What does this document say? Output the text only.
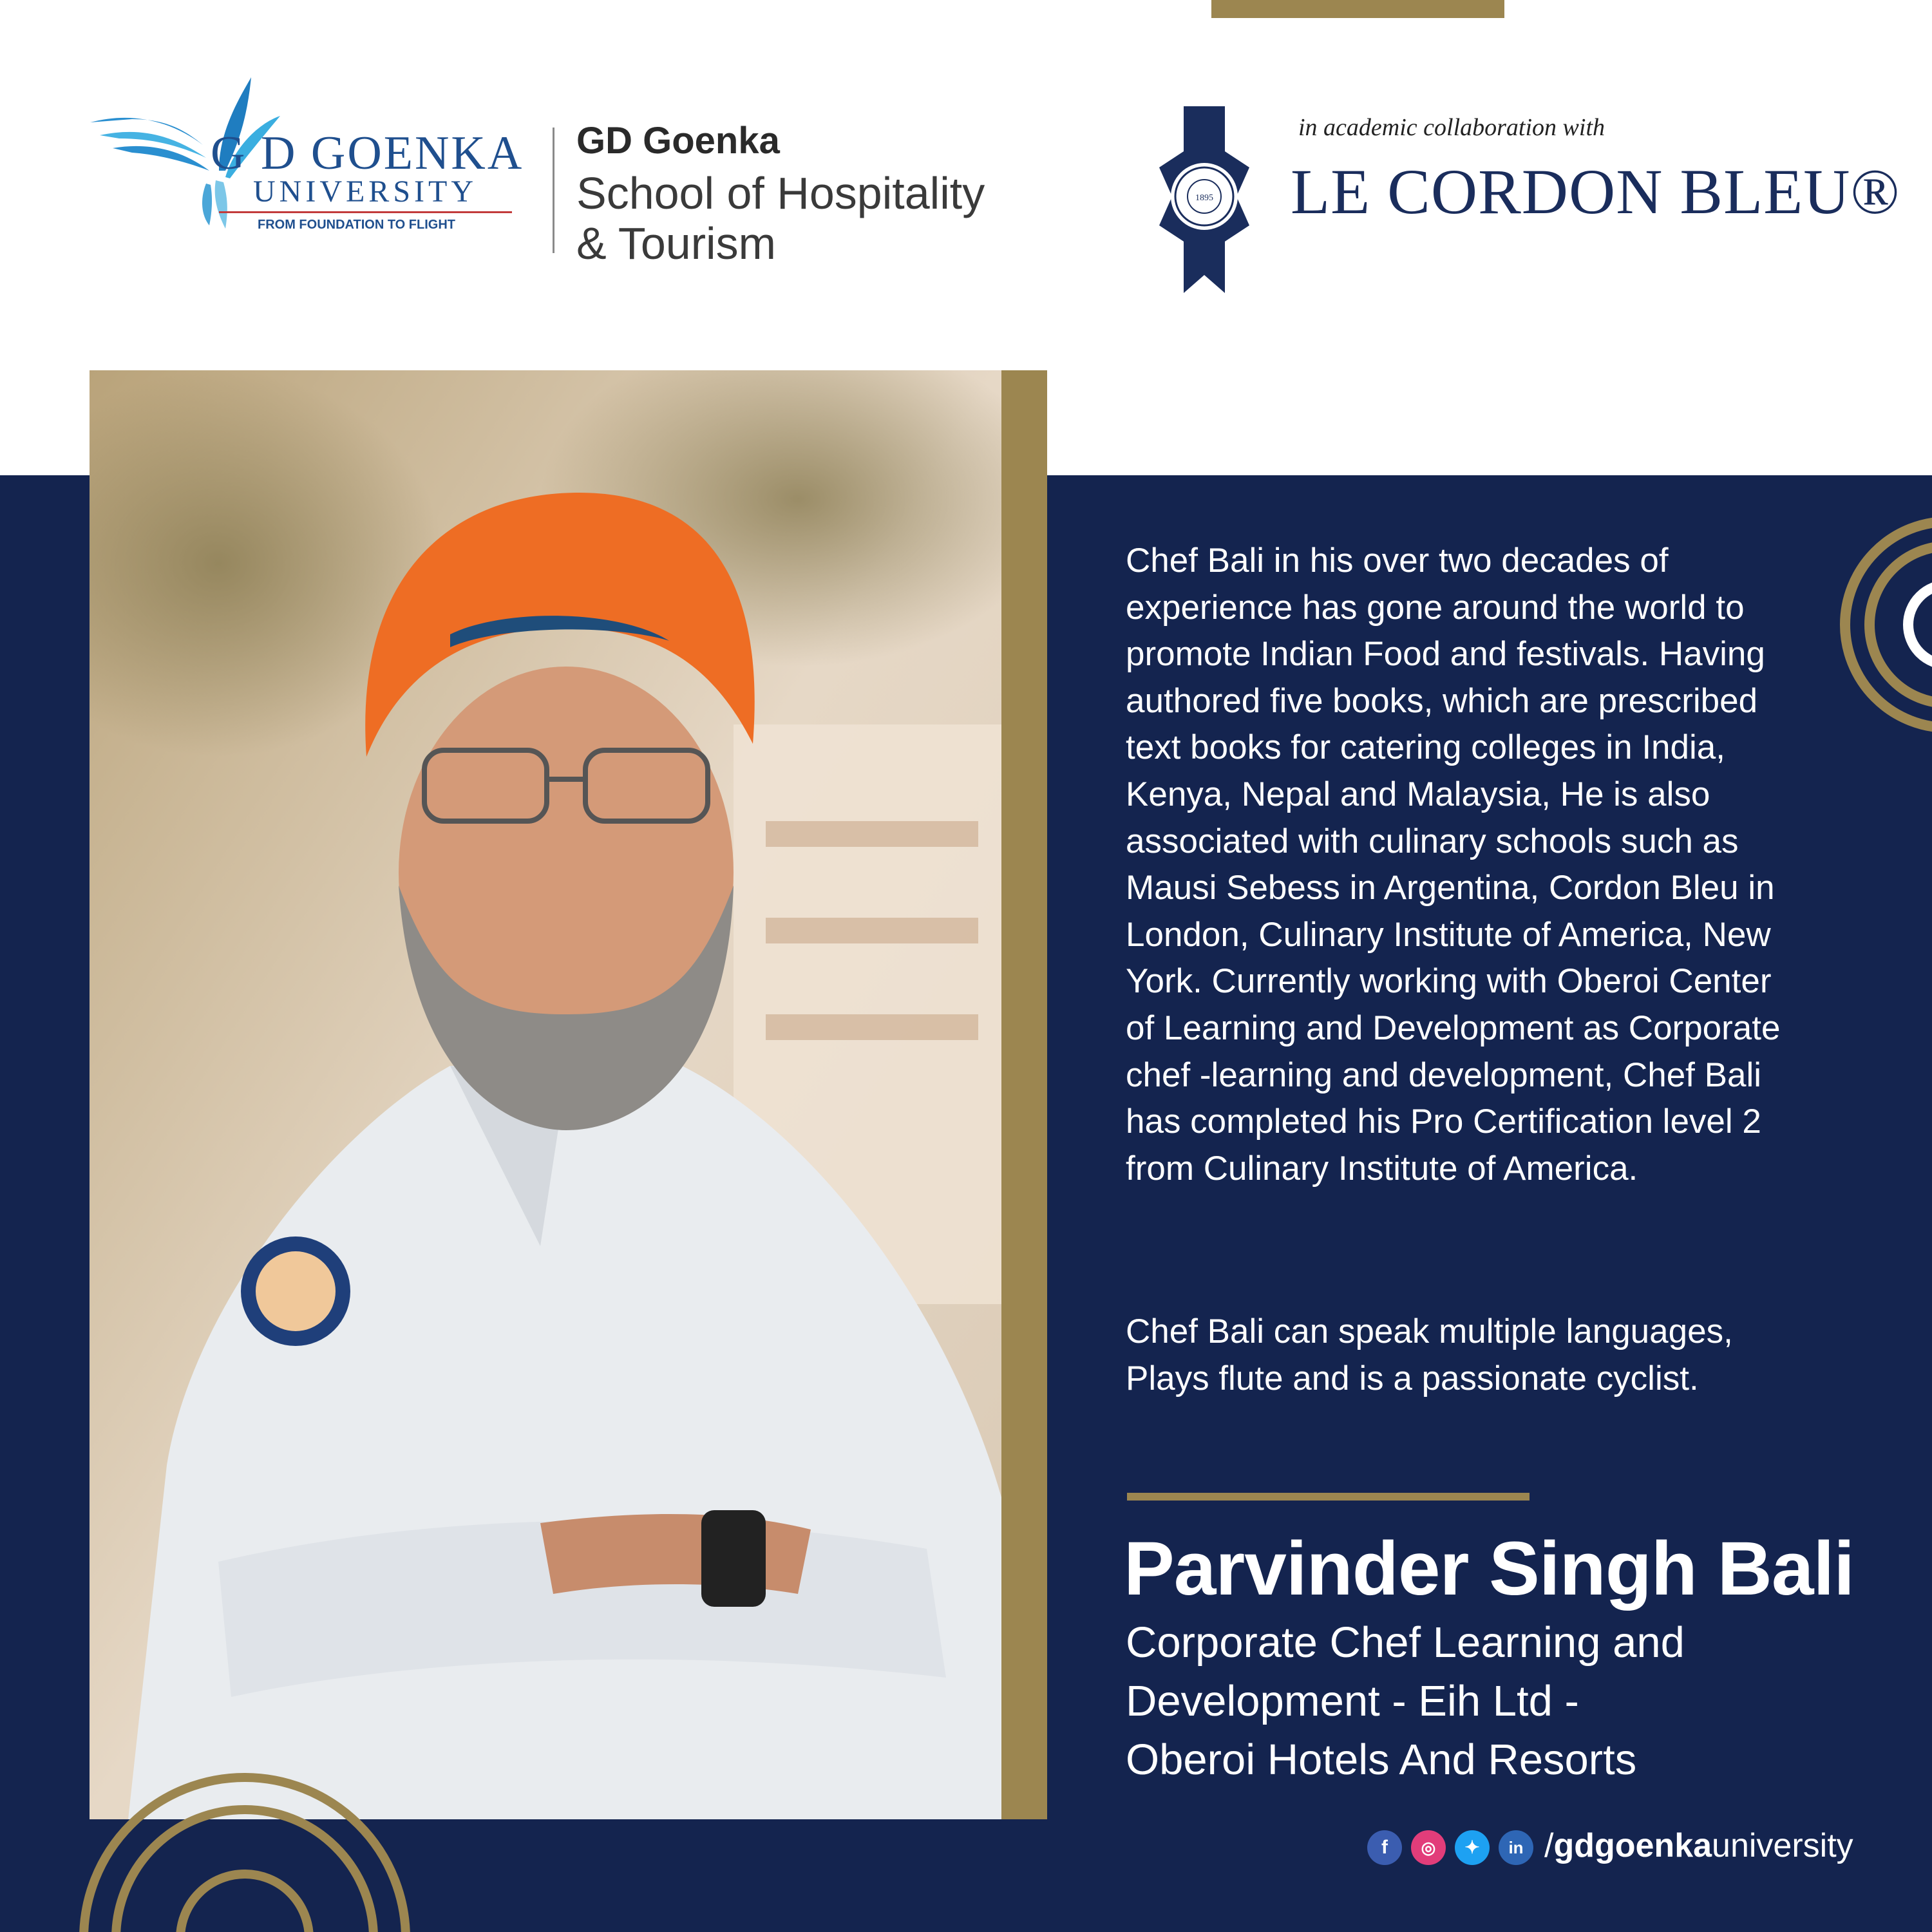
G D GOENKA
UNIVERSITY
FROM FOUNDATION TO FLIGHT
GD Goenka
School of Hospitality
& Tourism
1895
in academic collaboration with
LE CORDON BLEU®

Chef Bali in his over two decades of experience has gone around the world to promote Indian Food and festivals. Having authored five books, which are prescribed text books for catering colleges in India, Kenya, Nepal and Malaysia, He is also associated with culinary schools such as Mausi Sebess in Argentina, Cordon Bleu in London, Culinary Institute of America, New York. Currently working with Oberoi Center of Learning and Development as Corporate chef -learning and development, Chef Bali has completed his Pro Certification level 2 from Culinary Institute of America.

Chef Bali can speak multiple languages, Plays flute and is a passionate cyclist.

Parvinder Singh Bali
Corporate Chef Learning and
Development - Eih Ltd -
Oberoi Hotels And Resorts
f	◎	✦	in /gdgoenkauniversity
